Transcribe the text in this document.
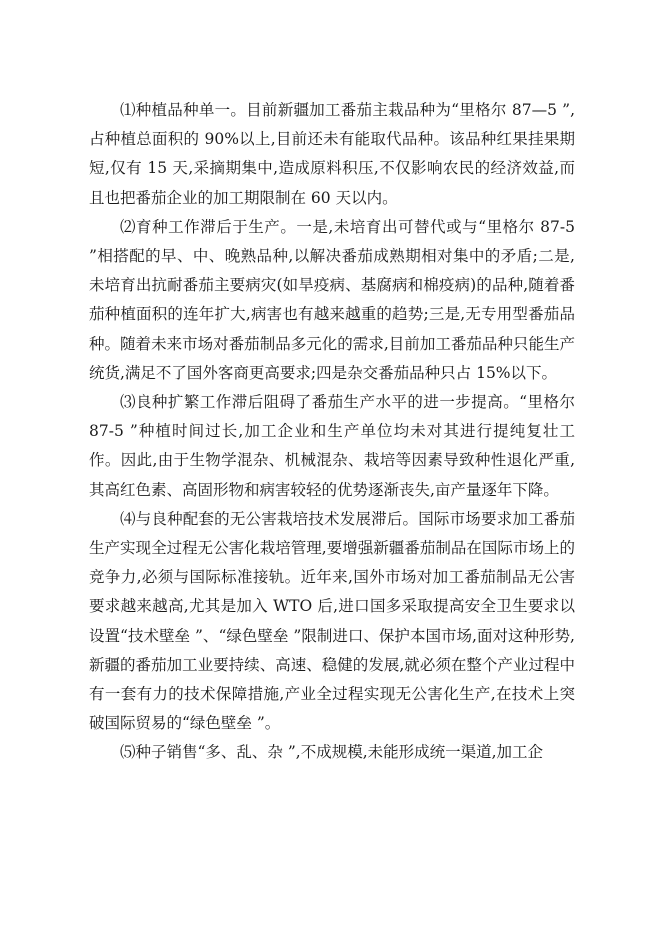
⑴种植品种单一。目前新疆加工番茄主栽品种为“里格尔 87—5 ”,占种植总面积的 90%以上,目前还未有能取代品种。该品种红果挂果期短,仅有 15 天,采摘期集中,造成原料积压,不仅影响农民的经济效益,而且也把番茄企业的加工期限制在 60 天以内。

⑵育种工作滞后于生产。一是,未培育出可替代或与“里格尔 87-5 ”相搭配的早、中、晚熟品种,以解决番茄成熟期相对集中的矛盾;二是,未培育出抗耐番茄主要病灾(如旱疫病、基腐病和棉疫病)的品种,随着番茄种植面积的连年扩大,病害也有越来越重的趋势;三是,无专用型番茄品种。随着未来市场对番茄制品多元化的需求,目前加工番茄品种只能生产统货,满足不了国外客商更高要求;四是杂交番茄品种只占 15%以下。

⑶良种扩繁工作滞后阻碍了番茄生产水平的进一步提高。“里格尔 87-5 ”种植时间过长,加工企业和生产单位均未对其进行提纯复壮工作。因此,由于生物学混杂、机械混杂、栽培等因素导致种性退化严重,其高红色素、高固形物和病害较轻的优势逐渐丧失,亩产量逐年下降。

⑷与良种配套的无公害栽培技术发展滞后。国际市场要求加工番茄生产实现全过程无公害化栽培管理,要增强新疆番茄制品在国际市场上的竞争力,必须与国际标准接轨。近年来,国外市场对加工番茄制品无公害要求越来越高,尤其是加入 WTO 后,进口国多采取提高安全卫生要求以设置“技术壁垒 ”、“绿色壁垒 ”限制进口、保护本国市场,面对这种形势,新疆的番茄加工业要持续、高速、稳健的发展,就必须在整个产业过程中有一套有力的技术保障措施,产业全过程实现无公害化生产,在技术上突破国际贸易的“绿色壁垒 ”。

⑸种子销售“多、乱、杂 ”,不成规模,未能形成统一渠道,加工企
